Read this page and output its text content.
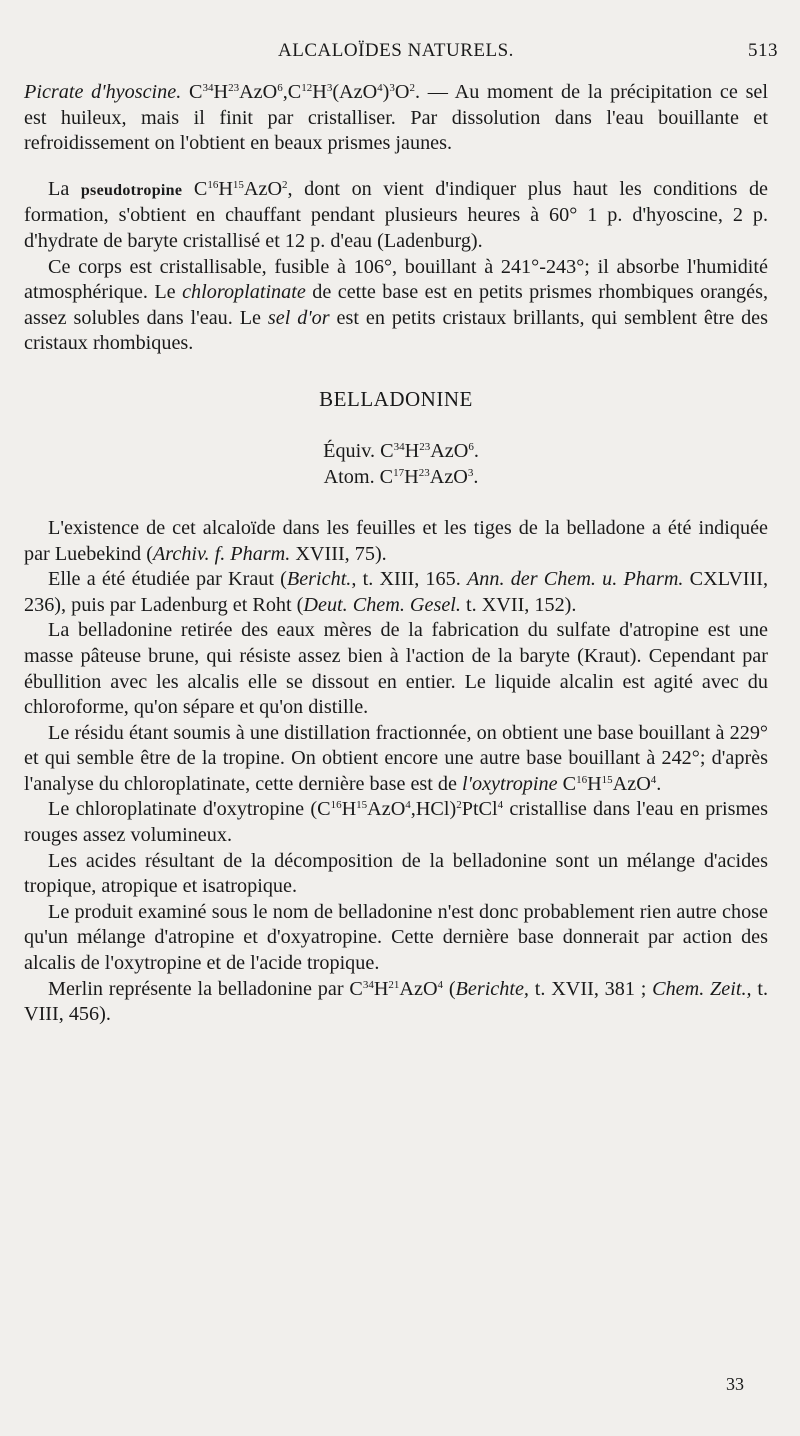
ALCALOÏDES NATURELS.	513

Picrate d'hyoscine. $C^{34}H^{23}AzO^6,C^{12}H^3(AzO^4)^3O^2$. — Au moment de la précipitation ce sel est huileux, mais il finit par cristalliser. Par dissolution dans l'eau bouillante et refroidissement on l'obtient en beaux prismes jaunes.

La pseudotropine $C^{16}H^{15}AzO^2$, dont on vient d'indiquer plus haut les conditions de formation, s'obtient en chauffant pendant plusieurs heures à 60° 1 p. d'hyoscine, 2 p. d'hydrate de baryte cristallisé et 12 p. d'eau (Ladenburg).

Ce corps est cristallisable, fusible à 106°, bouillant à 241°-243°; il absorbe l'humidité atmosphérique. Le chloroplatinate de cette base est en petits prismes rhombiques orangés, assez solubles dans l'eau. Le sel d'or est en petits cristaux brillants, qui semblent être des cristaux rhombiques.

BELLADONINE
Équiv. $C^{34}H^{23}AzO^6$.
Atom. $C^{17}H^{23}AzO^3$.

L'existence de cet alcaloïde dans les feuilles et les tiges de la belladone a été indiquée par Luebekind (Archiv. f. Pharm. XVIII, 75).

Elle a été étudiée par Kraut (Bericht., t. XIII, 165. Ann. der Chem. u. Pharm. CXLVIII, 236), puis par Ladenburg et Roht (Deut. Chem. Gesel. t. XVII, 152).

La belladonine retirée des eaux mères de la fabrication du sulfate d'atropine est une masse pâteuse brune, qui résiste assez bien à l'action de la baryte (Kraut). Cependant par ébullition avec les alcalis elle se dissout en entier. Le liquide alcalin est agité avec du chloroforme, qu'on sépare et qu'on distille.

Le résidu étant soumis à une distillation fractionnée, on obtient une base bouillant à 229° et qui semble être de la tropine. On obtient encore une autre base bouillant à 242°; d'après l'analyse du chloroplatinate, cette dernière base est de l'oxytropine $C^{16}H^{15}AzO^4$.

Le chloroplatinate d'oxytropine $(C^{16}H^{15}AzO^4,HCl)^2PtCl^4$ cristallise dans l'eau en prismes rouges assez volumineux.

Les acides résultant de la décomposition de la belladonine sont un mélange d'acides tropique, atropique et isatropique.

Le produit examiné sous le nom de belladonine n'est donc probablement rien autre chose qu'un mélange d'atropine et d'oxyatropine. Cette dernière base donnerait par action des alcalis de l'oxytropine et de l'acide tropique.

Merlin représente la belladonine par $C^{34}H^{21}AzO^4$ (Berichte, t. XVII, 381 ; Chem. Zeit., t. VIII, 456).

33
